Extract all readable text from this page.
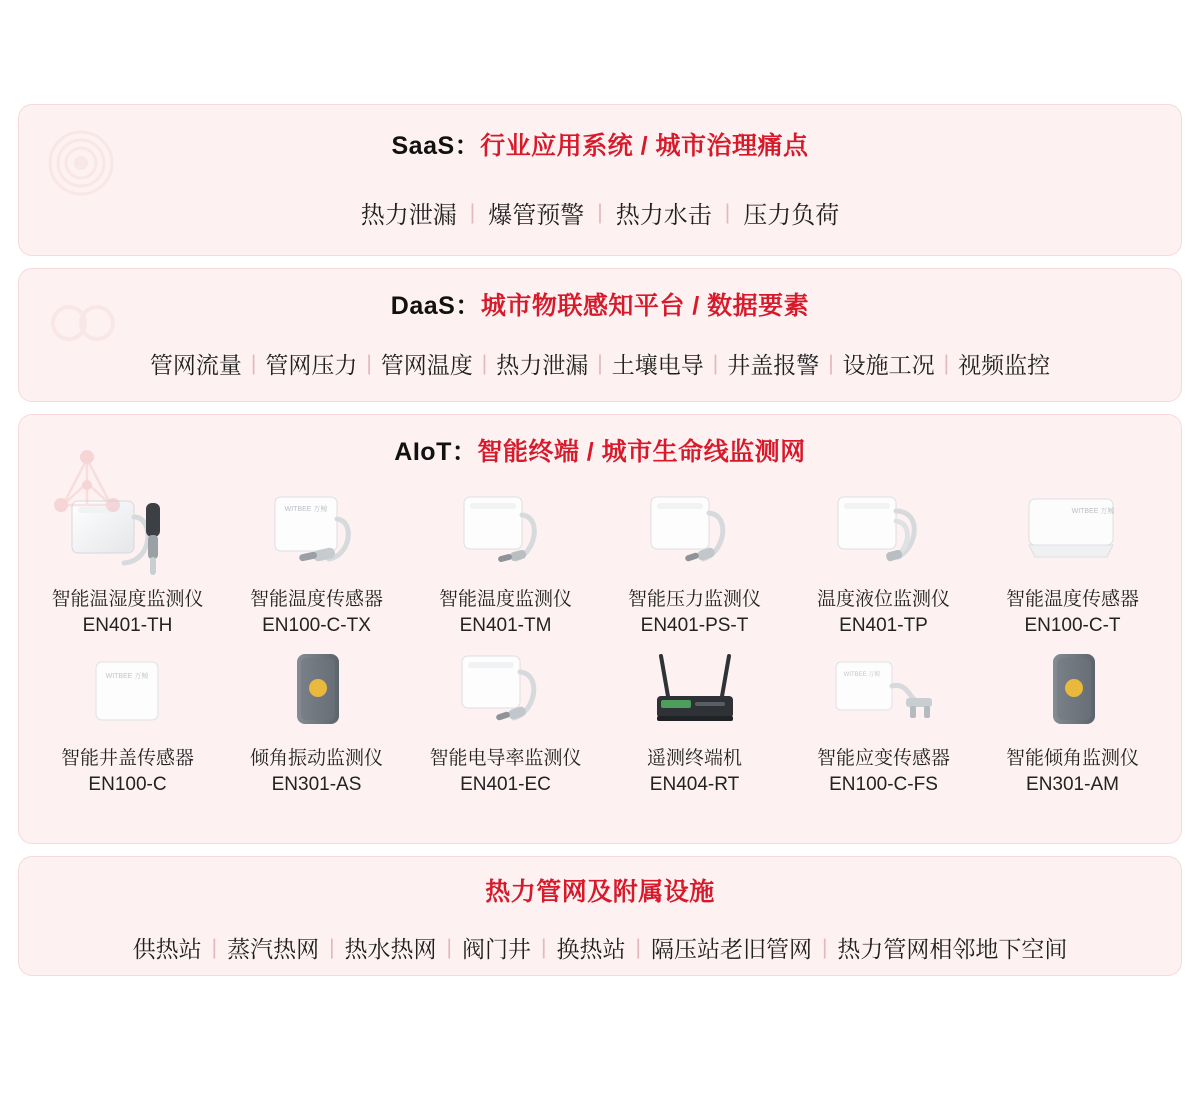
SaaS：行业应用系统 / 城市治理痛点
热力泄漏 | 爆管预警 | 热力水击 | 压力负荷
DaaS：城市物联感知平台 / 数据要素
管网流量 | 管网压力 | 管网温度 | 热力泄漏 | 土壤电导 | 井盖报警 | 设施工况 | 视频监控
AIoT：智能终端 / 城市生命线监测网
智能温湿度监测仪
EN401-TH
WITBEE 万鲸
智能温度传感器
EN100-C-TX
智能温度监测仪
EN401-TM
智能压力监测仪
EN401-PS-T
温度液位监测仪
EN401-TP
WITBEE 万鲸
智能温度传感器
EN100-C-T
WITBEE 万鲸
智能井盖传感器
EN100-C
倾角振动监测仪
EN301-AS
智能电导率监测仪
EN401-EC
遥测终端机
EN404-RT
WITBEE 万鲸
智能应变传感器
EN100-C-FS
智能倾角监测仪
EN301-AM
热力管网及附属设施
供热站 | 蒸汽热网 | 热水热网 | 阀门井 | 换热站 | 隔压站老旧管网 | 热力管网相邻地下空间
